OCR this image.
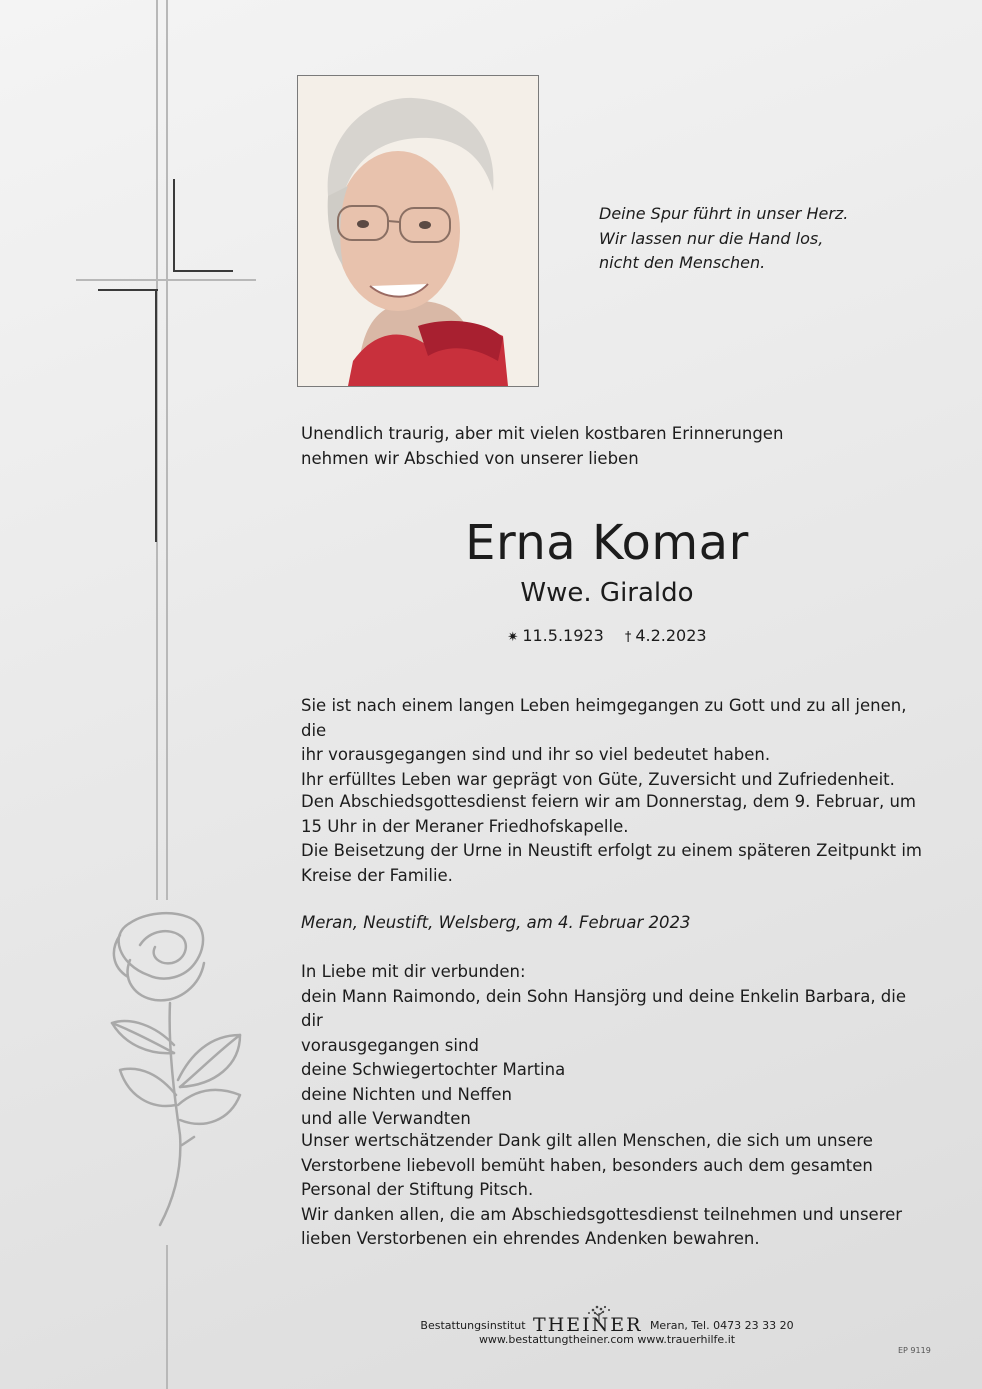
Deine Spur führt in unser Herz.
Wir lassen nur die Hand los,
nicht den Menschen.
Unendlich traurig, aber mit vielen kostbaren Erinnerungen
nehmen wir Abschied von unserer lieben
Erna Komar
Wwe. Giraldo
✷ 11.5.1923 † 4.2.2023

Sie ist nach einem langen Leben heimgegangen zu Gott und zu all jenen, die

ihr vorausgegangen sind und ihr so viel bedeutet haben.

Ihr erfülltes Leben war geprägt von Güte, Zuversicht und Zufriedenheit.

Den Abschiedsgottesdienst feiern wir am Donnerstag, dem 9. Februar, um

15 Uhr in der Meraner Friedhofskapelle.

Die Beisetzung der Urne in Neustift erfolgt zu einem späteren Zeitpunkt im

Kreise der Familie.

Meran, Neustift, Welsberg, am 4. Februar 2023

In Liebe mit dir verbunden:

dein Mann Raimondo, dein Sohn Hansjörg und deine Enkelin Barbara, die dir

vorausgegangen sind

deine Schwiegertochter Martina

deine Nichten und Neffen

und alle Verwandten

Unser wertschätzender Dank gilt allen Menschen, die sich um unsere

Verstorbene liebevoll bemüht haben, besonders auch dem gesamten

Personal der Stiftung Pitsch.

Wir danken allen, die am Abschiedsgottesdienst teilnehmen und unserer

lieben Verstorbenen ein ehrendes Andenken bewahren.

Bestattungsinstitut THEINER Meran, Tel. 0473 23 33 20
www.bestattungtheiner.com www.trauerhilfe.it
EP 9119
